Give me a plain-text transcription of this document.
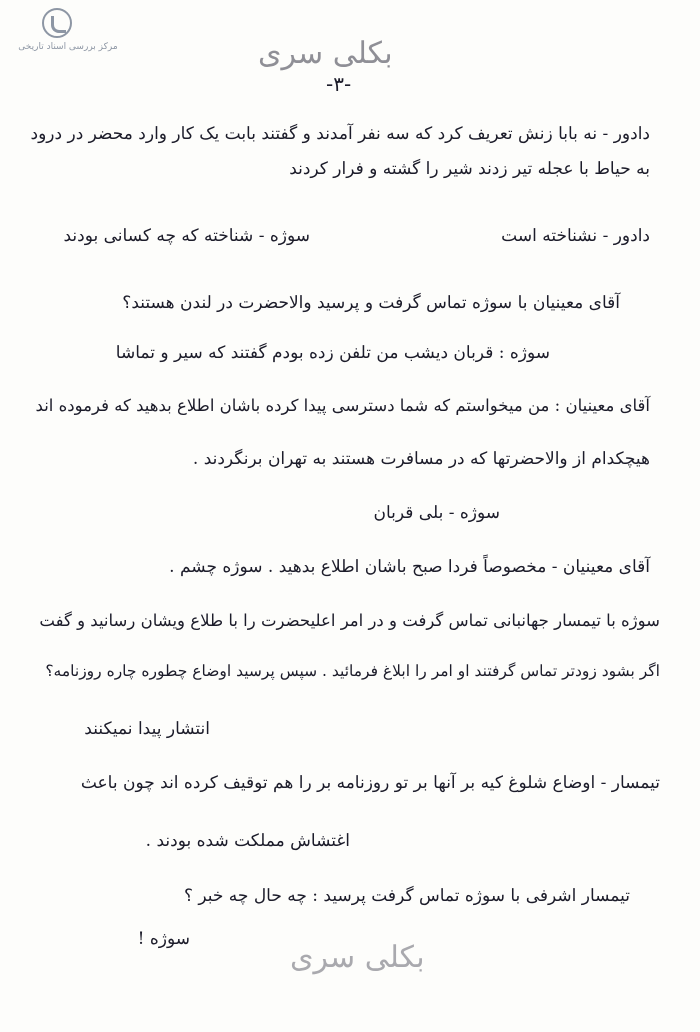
مرکز بررسی اسناد تاریخی	بکلی سری
-۳-
دادور - نه بابا زنش تعریف کرد که سه نفر آمدند و گفتند بابت یک کار وارد محضر در درود
به حیاط با عجله تیر زدند شیر را گشته و فرار کردند
سوژه - شناخته که چه کسانی بودند	دادور - نشناخته است
آقای معینیان با سوژه تماس گرفت و پرسید والاحضرت در لندن هستند؟
سوژه : قربان دیشب من تلفن زده بودم گفتند که سیر و تماشا
آقای معینیان : من میخواستم که شما دسترسی پیدا کرده باشان اطلاع بدهید که فرموده اند
هیچکدام از والاحضرتها که در مسافرت هستند به تهران برنگردند .
سوژه - بلی قربان
آقای معینیان - مخصوصاً فردا صبح باشان اطلاع بدهید . سوژه چشم .
سوژه با تیمسار جهانبانی تماس گرفت و در امر اعلیحضرت را با طلاع ویشان رسانید و گفت
اگر بشود زودتر تماس گرفتند او امر را ابلاغ فرمائید . سپس پرسید اوضاع چطوره چاره روزنامه؟
انتشار پیدا نمیکنند
تیمسار - اوضاع شلوغ کیه بر آنها بر تو روزنامه بر را هم توقیف کرده اند چون باعث
اغتشاش مملکت شده بودند .
تیمسار اشرفی با سوژه تماس گرفت پرسید : چه حال چه خبر ؟
سوژه !
بکلی سری
